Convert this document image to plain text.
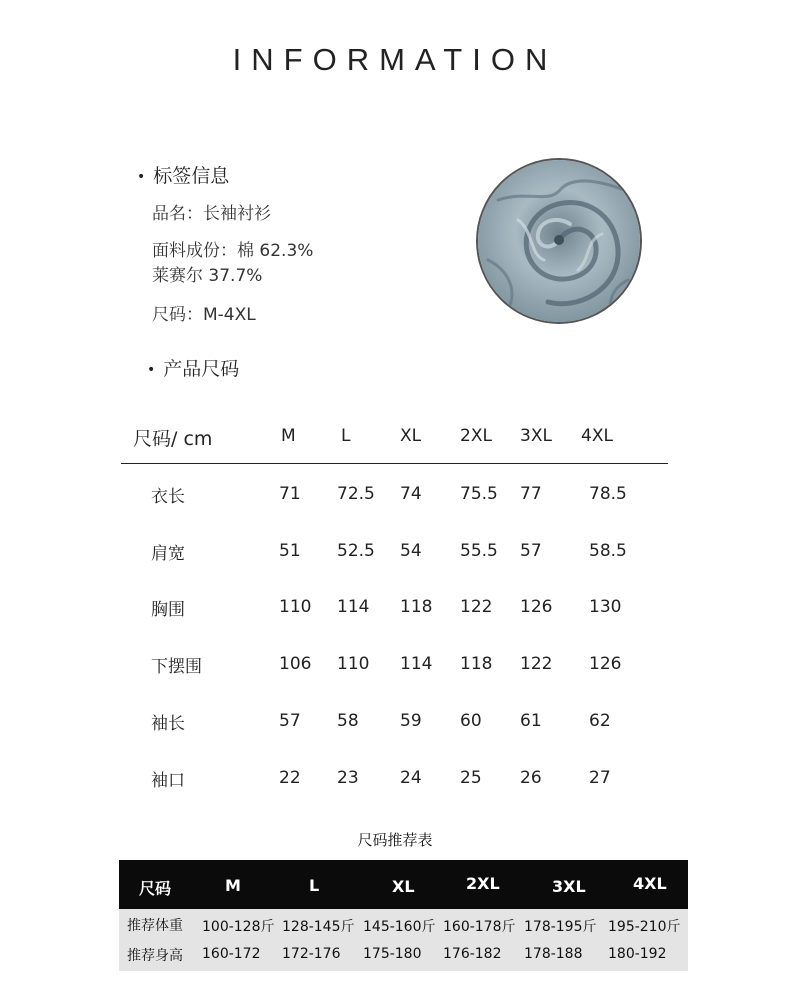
INFORMATION
• 标签信息
品名：长袖衬衫
面料成份：棉 62.3%
莱赛尔 37.7%
尺码：M-4XL
• 产品尺码
尺码/ cm	M	L	XL 2XL 3XL 4XL
衣长	71 72.5 74 75.5 77	78.5
肩宽	51 52.5 54 55.5 57	58.5
胸围	110 114 118 122 126 130
下摆围	106 110 114 118 122 126
袖长	57 58 59 60 61	62
袖口	22 23 24 25 26	27
尺码推荐表
尺码	M	L	XL	2XL	3XL	4XL
推荐体重 100-128斤 128-145斤 145-160斤 160-178斤 178-195斤 195-210斤
推荐身高 160-172 172-176 175-180 176-182 178-188 180-192
